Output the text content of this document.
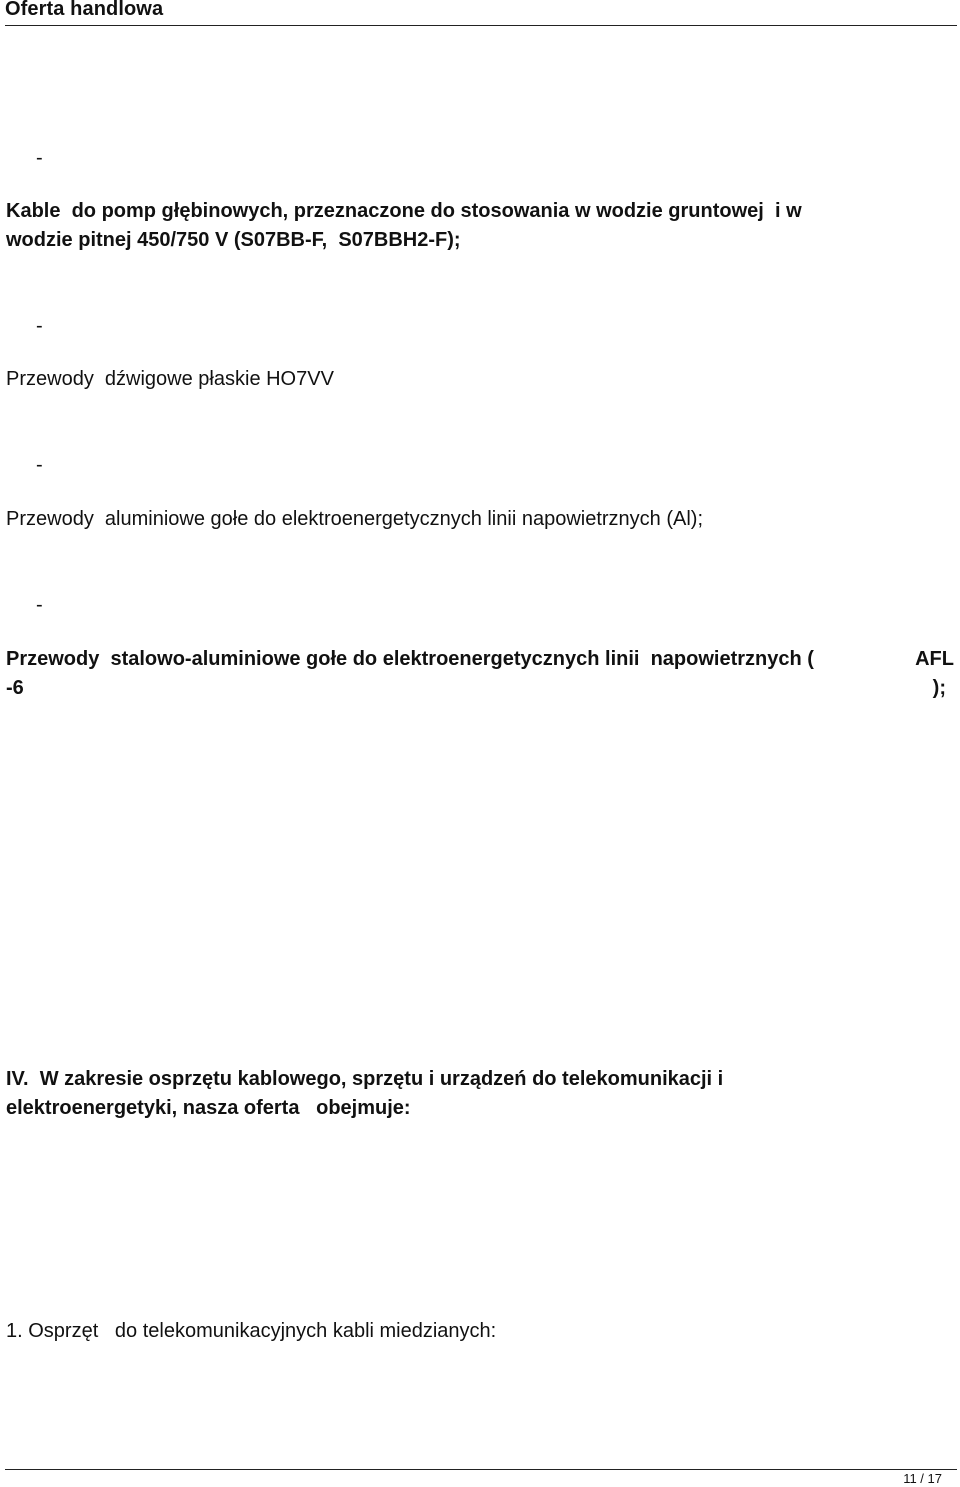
Oferta handlowa
-
Kable  do pomp głębinowych, przeznaczone do stosowania w wodzie gruntowej  i w
wodzie pitnej 450/750 V (S07BB-F,  S07BBH2-F);
-
Przewody  dźwigowe płaskie HO7VV
-
Przewody  aluminiowe gołe do elektroenergetycznych linii napowietrznych (Al);
-
Przewody  stalowo-aluminiowe gołe do elektroenergetycznych linii  napowietrznych (	AFL
-6	);
IV.  W zakresie osprzętu kablowego, sprzętu i urządzeń do telekomunikacji i
elektroenergetyki, nasza oferta   obejmuje:
1. Osprzęt   do telekomunikacyjnych kabli miedzianych:
11 / 17
